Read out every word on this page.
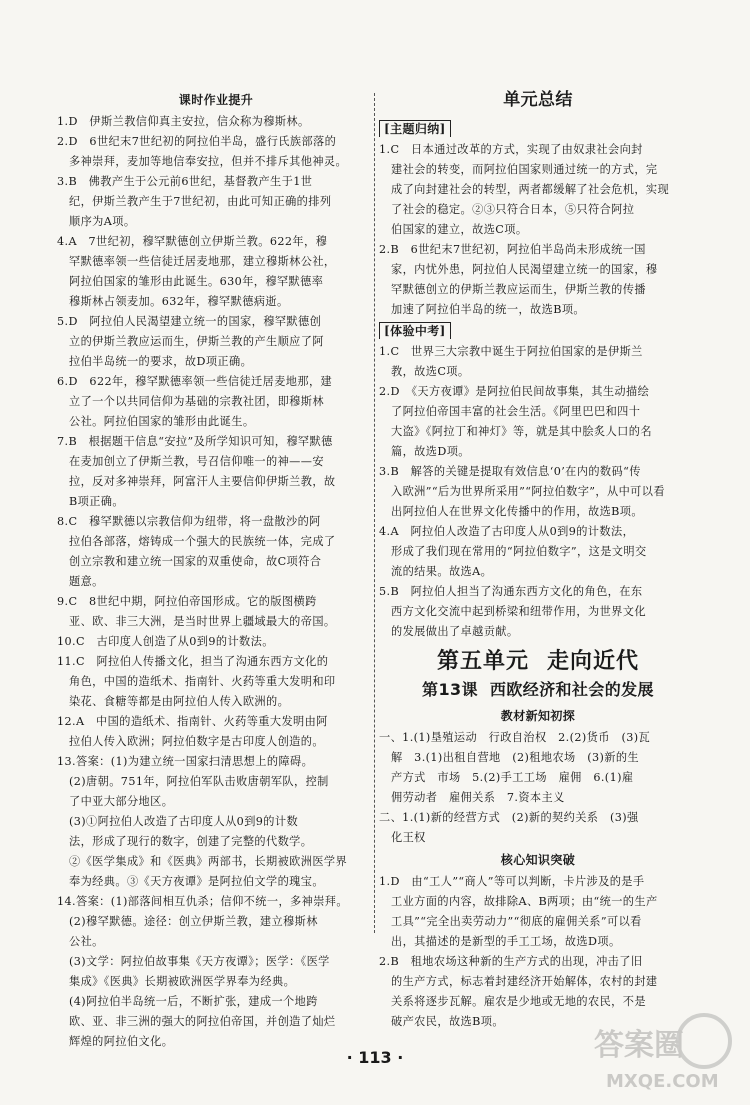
课时作业提升
1.D　伊斯兰教信仰真主安拉，信众称为穆斯林。
2.D　6世纪末7世纪初的阿拉伯半岛，盛行氏族部落的
多神崇拜，麦加等地信奉安拉，但并不排斥其他神灵。
3.B　佛教产生于公元前6世纪，基督教产生于1世
纪，伊斯兰教产生于7世纪初，由此可知正确的排列
顺序为A项。
4.A　7世纪初，穆罕默德创立伊斯兰教。622年，穆
罕默德率领一些信徒迁居麦地那，建立穆斯林公社，
阿拉伯国家的雏形由此诞生。630年，穆罕默德率
穆斯林占领麦加。632年，穆罕默德病逝。
5.D　阿拉伯人民渴望建立统一的国家，穆罕默德创
立的伊斯兰教应运而生，伊斯兰教的产生顺应了阿
拉伯半岛统一的要求，故D项正确。
6.D　622年，穆罕默德率领一些信徒迁居麦地那，建
立了一个以共同信仰为基础的宗教社团，即穆斯林
公社。阿拉伯国家的雏形由此诞生。
7.B　根据题干信息“安拉”及所学知识可知，穆罕默德
在麦加创立了伊斯兰教，号召信仰唯一的神——安
拉，反对多神崇拜，阿富汗人主要信仰伊斯兰教，故
B项正确。
8.C　穆罕默德以宗教信仰为纽带，将一盘散沙的阿
拉伯各部落，熔铸成一个强大的民族统一体，完成了
创立宗教和建立统一国家的双重使命，故C项符合
题意。
9.C　8世纪中期，阿拉伯帝国形成。它的版图横跨
亚、欧、非三大洲，是当时世界上疆域最大的帝国。
10.C　古印度人创造了从0到9的计数法。
11.C　阿拉伯人传播文化，担当了沟通东西方文化的
角色，中国的造纸术、指南针、火药等重大发明和印
染花、食糖等都是由阿拉伯人传入欧洲的。
12.A　中国的造纸术、指南针、火药等重大发明由阿
拉伯人传入欧洲；阿拉伯数字是古印度人创造的。
13.答案：(1)为建立统一国家扫清思想上的障碍。
(2)唐朝。751年，阿拉伯军队击败唐朝军队，控制
了中亚大部分地区。
(3)①阿拉伯人改造了古印度人从0到9的计数
法，形成了现行的数字，创建了完整的代数学。
②《医学集成》和《医典》两部书，长期被欧洲医学界
奉为经典。③《天方夜谭》是阿拉伯文学的瑰宝。
14.答案：(1)部落间相互仇杀；信仰不统一，多神崇拜。
(2)穆罕默德。途径：创立伊斯兰教，建立穆斯林
公社。
(3)文学：阿拉伯故事集《天方夜谭》；医学：《医学
集成》《医典》长期被欧洲医学界奉为经典。
(4)阿拉伯半岛统一后，不断扩张，建成一个地跨
欧、亚、非三洲的强大的阿拉伯帝国，并创造了灿烂
辉煌的阿拉伯文化。
单元总结
[主题归纳]
1.C　日本通过改革的方式，实现了由奴隶社会向封
建社会的转变，而阿拉伯国家则通过统一的方式，完
成了向封建社会的转型，两者都缓解了社会危机，实现
了社会的稳定。②③只符合日本，⑤只符合阿拉
伯国家的建立，故选C项。
2.B　6世纪末7世纪初，阿拉伯半岛尚未形成统一国
家，内忧外患，阿拉伯人民渴望建立统一的国家，穆
罕默德创立的伊斯兰教应运而生，伊斯兰教的传播
加速了阿拉伯半岛的统一，故选B项。
[体验中考]
1.C　世界三大宗教中诞生于阿拉伯国家的是伊斯兰
教，故选C项。
2.D　《天方夜谭》是阿拉伯民间故事集，其生动描绘
了阿拉伯帝国丰富的社会生活。《阿里巴巴和四十
大盗》《阿拉丁和神灯》等，就是其中脍炙人口的名
篇，故选D项。
3.B　解答的关键是提取有效信息‘0’在内的数码“传
入欧洲”“后为世界所采用”“阿拉伯数字”，从中可以看
出阿拉伯人在世界文化传播中的作用，故选B项。
4.A　阿拉伯人改造了古印度人从0到9的计数法，
形成了我们现在常用的“阿拉伯数字”，这是文明交
流的结果。故选A。
5.B　阿拉伯人担当了沟通东西方文化的角色，在东
西方文化交流中起到桥梁和纽带作用，为世界文化
的发展做出了卓越贡献。
第五单元 走向近代
第13课 西欧经济和社会的发展
教材新知初探
一、1.(1)垦殖运动　行政自治权　2.(2)货币　(3)瓦
解　3.(1)出租自营地　(2)租地农场　(3)新的生
产方式　市场　5.(2)手工工场　雇佣　6.(1)雇
佣劳动者　雇佣关系　7.资本主义
二、1.(1)新的经营方式　(2)新的契约关系　(3)强
化王权
核心知识突破
1.D　由“工人”“商人”等可以判断，卡片涉及的是手
工业方面的内容，故排除A、B两项；由“统一的生产
工具”“完全出卖劳动力”“彻底的雇佣关系”可以看
出，其描述的是新型的手工工场，故选D项。
2.B　租地农场这种新的生产方式的出现，冲击了旧
的生产方式，标志着封建经济开始解体，农村的封建
关系将逐步瓦解。雇农是少地或无地的农民，不是
破产农民，故选B项。
· 113 ·	答案圈
MXQE.COM
